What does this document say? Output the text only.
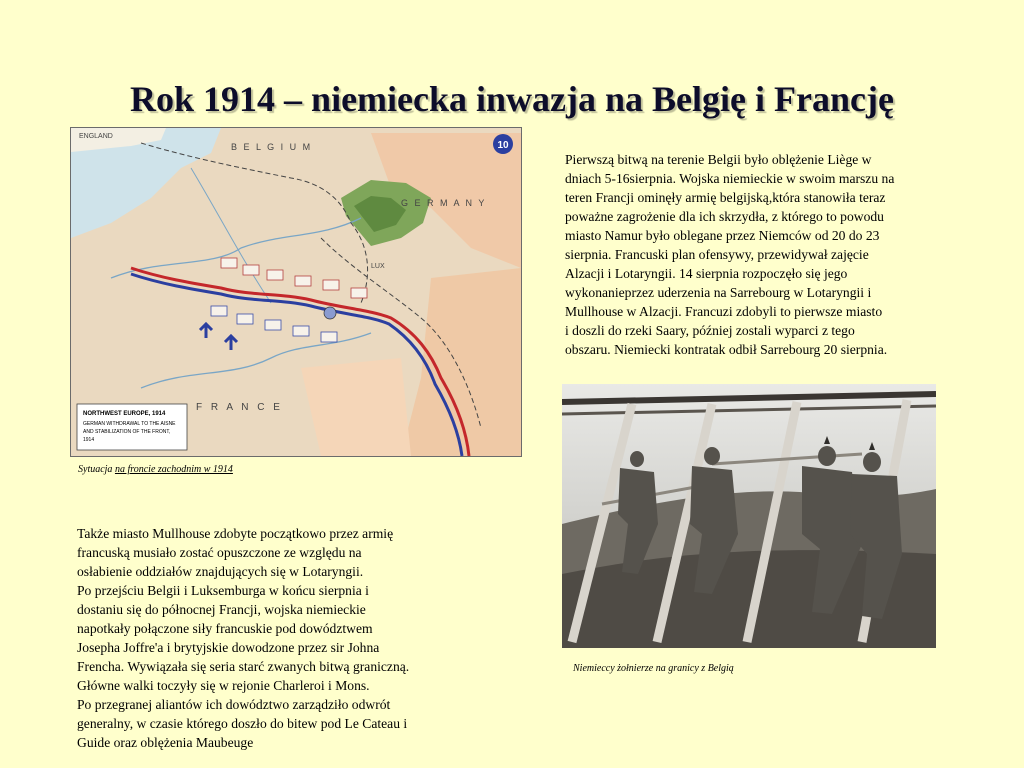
Rok 1914 – niemiecka inwazja na Belgię i Francję
10
ENGLAND
B E L G I U M
G E R M A N Y
LUX
F R A N C E
NORTHWEST EUROPE, 1914
GERMAN WITHDRAWAL TO THE AISNE
AND STABILIZATION OF THE FRONT,
1914
Sytuacja na froncie zachodnim w 1914
Pierwszą bitwą na terenie Belgii było oblężenie Liège w
dniach 5-16sierpnia. Wojska niemieckie w swoim marszu na
teren Francji ominęły armię belgijską,która stanowiła teraz
poważne zagrożenie dla ich skrzydła, z którego to powodu
miasto Namur było oblegane przez Niemców od 20 do 23
sierpnia. Francuski plan ofensywy, przewidywał zajęcie
Alzacji i Lotaryngii. 14 sierpnia rozpoczęło się jego
wykonanieprzez uderzenia na Sarrebourg w Lotaryngii i
Mullhouse w Alzacji. Francuzi zdobyli to pierwsze miasto
i doszli do rzeki Saary, później zostali wyparci z tego
obszaru. Niemiecki kontratak odbił Sarrebourg 20 sierpnia.
Niemieccy żołnierze na granicy z Belgią
Także miasto Mullhouse zdobyte początkowo przez armię
francuską musiało zostać opuszczone ze względu na
osłabienie oddziałów znajdujących się w Lotaryngii.
Po przejściu Belgii i Luksemburga w końcu sierpnia i
dostaniu się do północnej Francji, wojska niemieckie
napotkały połączone siły francuskie pod dowództwem
Josepha Joffre'a i brytyjskie dowodzone przez sir Johna
Frencha. Wywiązała się seria starć zwanych bitwą graniczną.
Główne walki toczyły się w rejonie Charleroi i Mons.
Po przegranej aliantów ich dowództwo zarządziło odwrót
generalny, w czasie którego doszło do bitew pod Le Cateau i
Guide oraz oblężenia Maubeuge
